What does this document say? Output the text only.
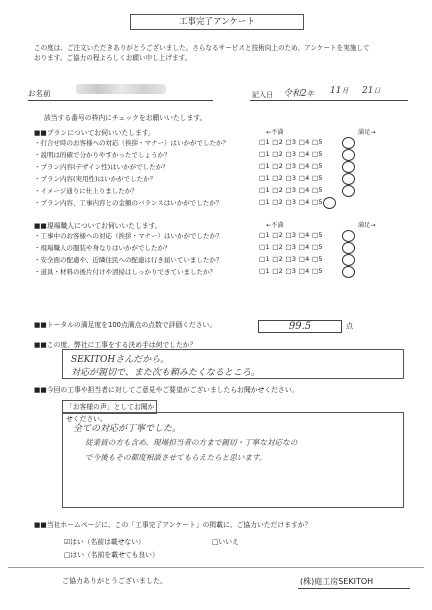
工事完了アンケート
この度は、ご注文いただきありがとうございました。さらなるサービスと技術向上のため、アンケートを実施して
おります。ご協力の程よろしくお願い申し上げます。
お名前	記入日 令和2年 11月 21日
該当する番号の枠内にチェックをお願いいたします。
■■プランについてお伺いいたします。	←不満	満足→
・打合せ時のお客様への対応（挨拶・マナー）はいかがでしたか？	□1 □2 □3 □4 □5
・説明は的確で分かりやすかったでしょうか？	□1 □2 □3 □4 □5
・プラン内容(デザイン性)はいかがでしたか？	□1 □2 □3 □4 □5
・プラン内容(実用性)はいかがでしたか？	□1 □2 □3 □4 □5
・イメージ通りに仕上りましたか？	□1 □2 □3 □4 □5
・プラン内容、工事内容との金額のバランスはいかがでしたか？	□1 □2 □3 □4 □5
■■現場職人についてお伺いいたします。	←不満	満足→
・工事中のお客様への対応（挨拶・マナー）はいかがでしたか？	□1 □2 □3 □4 □5
・現場職人の服装や身なりはいかがでしたか？	□1 □2 □3 □4 □5
・安全面の配慮や、近隣住民への配慮は行き届いていましたか？	□1 □2 □3 □4 □5
・道具・材料の後片付けや清掃はしっかりできていましたか？	□1 □2 □3 □4 □5
■■トータルの満足度を100点満点の点数で評価ください。	99.5	点
■■この度、弊社に工事をする決め手は何でしたか？
SEKITOHさんだから。
対応が親切で、また次も頼みたくなるところ。
■■今回の工事や担当者に対してご意見やご要望がございましたらお聞かせください。
「お客様の声」としてお聞かせください。
全ての対応が丁寧でした。
従業員の方も含め、現場担当者の方まで親切・丁寧な対応なの
で今後もその都度相談させてもらえたらと思います。
■■当社ホームページに、この「工事完了アンケート」の掲載に、ご協力いただけますか？
☑はい（名前は載せない）	□いいえ
□はい（名前を載せても良い）
ご協力ありがとうございました。	(株)庭工房SEKITOH
